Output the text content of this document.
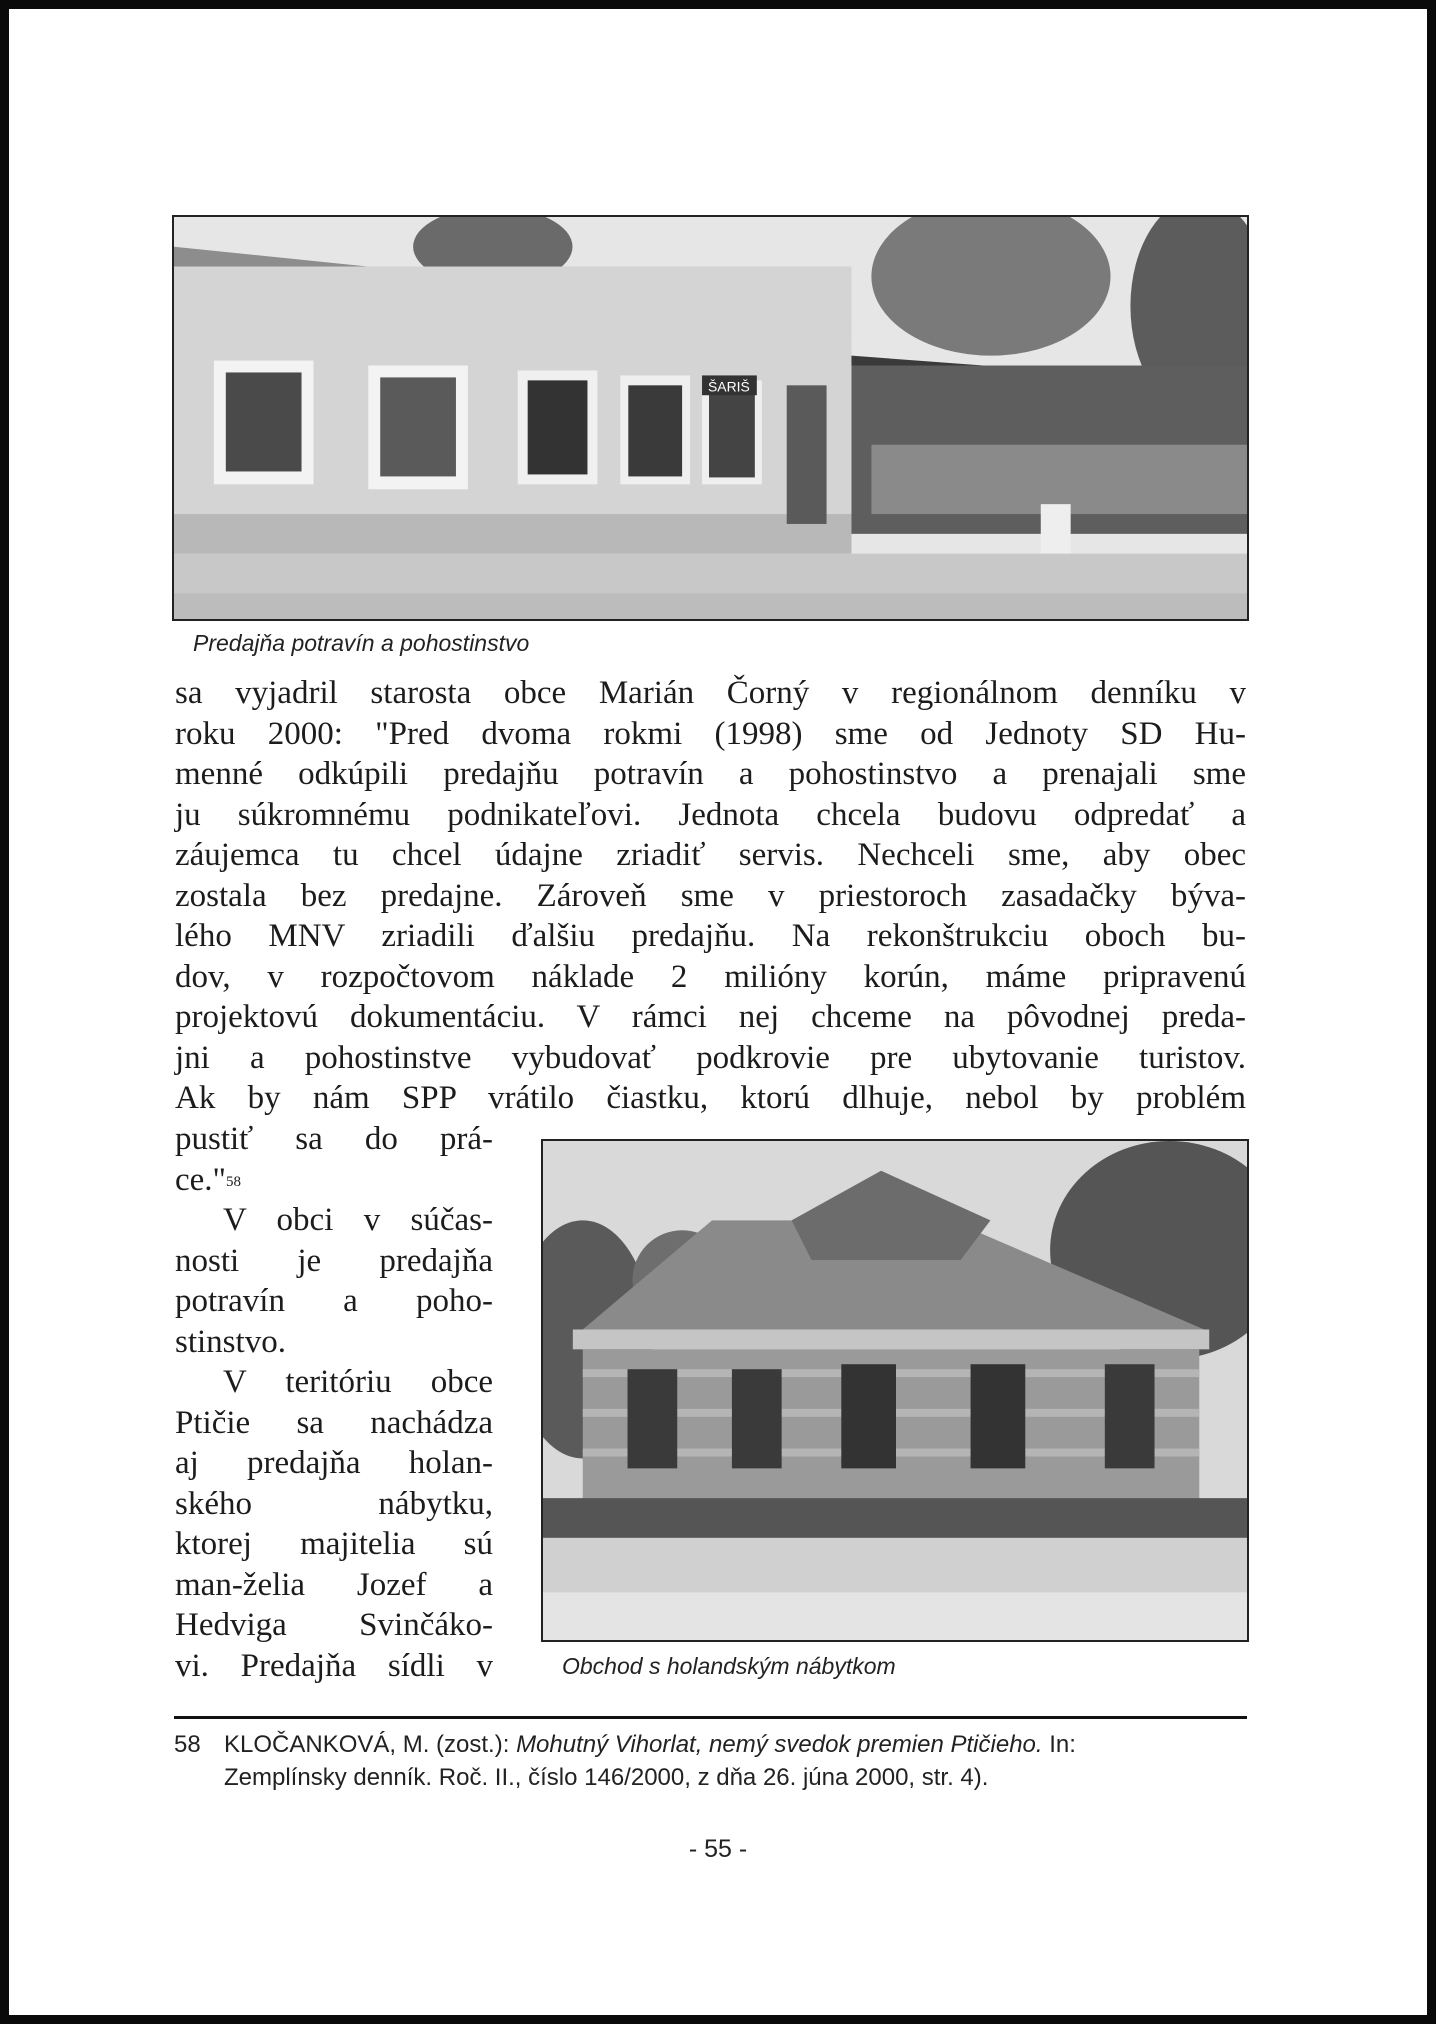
ŠARIŠ
Predajňa potravín a pohostinstvo
sa vyjadril starosta obce Marián Čorný v regionálnom denníku v
roku 2000: "Pred dvoma rokmi (1998) sme od Jednoty SD Hu-
menné odkúpili predajňu potravín a pohostinstvo a prenajali sme
ju súkromnému podnikateľovi. Jednota chcela budovu odpredať a
záujemca tu chcel údajne zriadiť servis. Nechceli sme, aby obec
zostala bez predajne. Zároveň sme v priestoroch zasadačky býva-
lého MNV zriadili ďalšiu predajňu. Na rekonštrukciu oboch bu-
dov, v rozpočtovom náklade 2 milióny korún, máme pripravenú
projektovú dokumentáciu. V rámci nej chceme na pôvodnej preda-
jni a pohostinstve vybudovať podkrovie pre ubytovanie turistov.
Ak by nám SPP vrátilo čiastku, ktorú dlhuje, nebol by problém
pustiť sa do prá-
ce."$^{58}$
V obci v súčas-
nosti je predajňa
potravín a poho-
stinstvo.
V teritóriu obce
Ptičie sa nachádza
aj predajňa holan-
ského nábytku,
ktorej majitelia sú
man-želia Jozef a
Hedviga Svinčáko-
vi. Predajňa sídli v	Obchod s holandským nábytkom
58 KLOČANKOVÁ, M. (zost.): Mohutný Vihorlat, nemý svedok premien Ptičieho. In:
Zemplínsky denník. Roč. II., číslo 146/2000, z dňa 26. júna 2000, str. 4).
- 55 -
